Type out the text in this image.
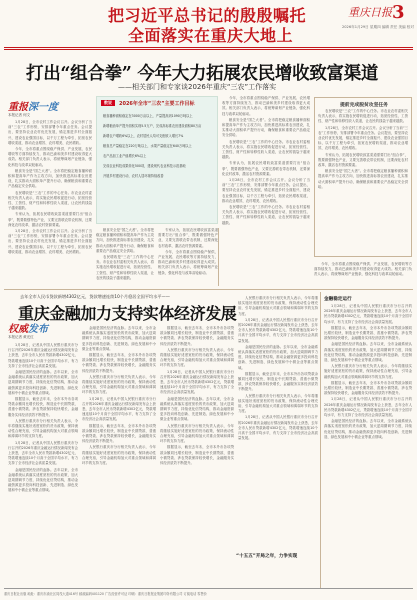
把习近平总书记的殷殷嘱托
全面落实在重庆大地上
重庆日报 3
2026年1月29日 星期四 编辑 责任 美编 校对
打出“组合拳” 今年大力拓展农民增收致富渠道
——相关部门和专家谈2026年重庆“三农”工作落实
重报深一度
本报记者 何文

1月28日，全市农村工作会议召开。会议分析了当前“三农”工作形势，安排部署今年重点任务。会议提出，要坚持农业农村优先发展，锚定推进乡村全面振兴、建设农业强国目标，以千万工程为牵引，拓宽农民增收渠道，推动农业增效、农村增美、农民增收。

今年，全市将重点围绕稳产保供、产业发展、农民增收等方面持续发力，推动巴渝和美乡村建设取得更大成效。相关部门负责人表示，将统筹谋划产业链条，强化科技与改革双轮驱动。

粮食安全是“国之大者”。全市将把稳定粮食播种面积和提高单产作为主攻方向，加快推进高标准农田建设，扎实推动大面积单产提升行动，确保粮食和重要农产品稳定安全供给。

农民增收是“三农”工作的中心任务。市农业农村委相关负责人表示，将实施农民增收促进行动，拓宽经营性、工资性、财产性和转移性收入渠道，让农民的钱袋子越来越鼓。

专家认为，拓展农民增收致富渠道需要打出“组合拳”，既要做强特色产业，又要完善联农带农机制，还要深化农村改革，激活农村资源要素。

1月28日，全市农村工作会议召开。会议分析了当前“三农”工作形势，安排部署今年重点任务。会议提出，要坚持农业农村优先发展，锚定推进乡村全面振兴、建设农业强国目标，以千万工程为牵引，拓宽农民增收渠道，推动农业增效、农村增美、农民增收。

数说	2026年全市“三农”主要工作目标
粮食播种面积稳定在3000万亩以上，产量提高到1090万吨以上
新增粮油单产提升面积实现5.5万户，完成高标准农田建设面积80万亩
新增农户增收6%以上，农村居民人均可支配收入增长7%
粮食总产量稳定在220万吨以上，水果产量稳定在640万吨以上
农产品加工业产值增长6%以上
完成农业科技成果转化500项，建设现代农业科技示范基地
开展乡村建设行动，农村人居环境持续改善

粮食安全是“国之大者”。全市将把稳定粮食播种面积和提高单产作为主攻方向，加快推进高标准农田建设，扎实推动大面积单产提升行动，确保粮食和重要农产品稳定安全供给。

农民增收是“三农”工作的中心任务。市农业农村委相关负责人表示，将实施农民增收促进行动，拓宽经营性、工资性、财产性和转移性收入渠道，让农民的钱袋子越来越鼓。

专家认为，拓展农民增收致富渠道需要打出“组合拳”，既要做强特色产业，又要完善联农带农机制，还要深化农村改革，激活农村资源要素。

今年，全市将重点围绕稳产保供、产业发展、农民增收等方面持续发力，推动巴渝和美乡村建设取得更大成效。相关部门负责人表示，将统筹谋划产业链条，强化科技与改革双轮驱动。

今年，全市将重点围绕稳产保供、产业发展、农民增收等方面持续发力，推动巴渝和美乡村建设取得更大成效。相关部门负责人表示，将统筹谋划产业链条，强化科技与改革双轮驱动。

粮食安全是“国之大者”。全市将把稳定粮食播种面积和提高单产作为主攻方向，加快推进高标准农田建设，扎实推动大面积单产提升行动，确保粮食和重要农产品稳定安全供给。

农民增收是“三农”工作的中心任务。市农业农村委相关负责人表示，将实施农民增收促进行动，拓宽经营性、工资性、财产性和转移性收入渠道，让农民的钱袋子越来越鼓。

专家认为，拓展农民增收致富渠道需要打出“组合拳”，既要做强特色产业，又要完善联农带农机制，还要深化农村改革，激活农村资源要素。

1月28日，全市农村工作会议召开。会议分析了当前“三农”工作形势，安排部署今年重点任务。会议提出，要坚持农业农村优先发展，锚定推进乡村全面振兴、建设农业强国目标，以千万工程为牵引，拓宽农民增收渠道，推动农业增效、农村增美、农民增收。

农民增收是“三农”工作的中心任务。市农业农村委相关负责人表示，将实施农民增收促进行动，拓宽经营性、工资性、财产性和转移性收入渠道，让农民的钱袋子越来越鼓。

提前完成脱贫攻坚任务

农民增收是“三农”工作的中心任务。市农业农村委相关负责人表示，将实施农民增收促进行动，拓宽经营性、工资性、财产性和转移性收入渠道，让农民的钱袋子越来越鼓。

1月28日，全市农村工作会议召开。会议分析了当前“三农”工作形势，安排部署今年重点任务。会议提出，要坚持农业农村优先发展，锚定推进乡村全面振兴、建设农业强国目标，以千万工程为牵引，拓宽农民增收渠道，推动农业增效、农村增美、农民增收。

专家认为，拓展农民增收致富渠道需要打出“组合拳”，既要做强特色产业，又要完善联农带农机制，还要深化农村改革，激活农村资源要素。

粮食安全是“国之大者”。全市将把稳定粮食播种面积和提高单产作为主攻方向，加快推进高标准农田建设，扎实推动大面积单产提升行动，确保粮食和重要农产品稳定安全供给。

今年，全市将重点围绕稳产保供、产业发展、农民增收等方面持续发力，推动巴渝和美乡村建设取得更大成效。相关部门负责人表示，将统筹谋划产业链条，强化科技与改革双轮驱动。

去年全市人民币贷款新增4302亿元，贷款增速连续10个月稳居全国平均水平——
重庆金融加力支持实体经济发展
权威发布
本报记者 黄光红

1月28日，记者从中国人民银行重庆市分行召开的2026年重庆金融运行情况新闻发布会上获悉，去年全市人民币贷款新增4302亿元，贷款增速连续10个月高于全国平均水平，有力支持了全市经济社会高质量发展。

金融是国民经济的血脉。去年以来，全市金融系统认真落实适度宽松的货币政策，加大逆周期调节力度，持续优化信贷结构，推动金融资源更多投向科技创新、先进制造、绿色发展和中小微企业等重点领域。

数据显示，截至去年末，全市本外币各项贷款余额同比增长较快，制造业中长期贷款、普惠小微贷款、涉农贷款保持较快增长，金融服务实体经济质效不断提升。

人民银行重庆市分行相关负责人表示，今年将继续实施好适度宽松的货币政策，保持流动性合理充裕，引导金融机构加大对重点领域和薄弱环节的支持力度。

1月28日，记者从中国人民银行重庆市分行召开的2026年重庆金融运行情况新闻发布会上获悉，去年全市人民币贷款新增4302亿元，贷款增速连续10个月高于全国平均水平，有力支持了全市经济社会高质量发展。

金融是国民经济的血脉。去年以来，全市金融系统认真落实适度宽松的货币政策，加大逆周期调节力度，持续优化信贷结构，推动金融资源更多投向科技创新、先进制造、绿色发展和中小微企业等重点领域。

金融是国民经济的血脉。去年以来，全市金融系统认真落实适度宽松的货币政策，加大逆周期调节力度，持续优化信贷结构，推动金融资源更多投向科技创新、先进制造、绿色发展和中小微企业等重点领域。

数据显示，截至去年末，全市本外币各项贷款余额同比增长较快，制造业中长期贷款、普惠小微贷款、涉农贷款保持较快增长，金融服务实体经济质效不断提升。

人民银行重庆市分行相关负责人表示，今年将继续实施好适度宽松的货币政策，保持流动性合理充裕，引导金融机构加大对重点领域和薄弱环节的支持力度。

1月28日，记者从中国人民银行重庆市分行召开的2026年重庆金融运行情况新闻发布会上获悉，去年全市人民币贷款新增4302亿元，贷款增速连续10个月高于全国平均水平，有力支持了全市经济社会高质量发展。

数据显示，截至去年末，全市本外币各项贷款余额同比增长较快，制造业中长期贷款、普惠小微贷款、涉农贷款保持较快增长，金融服务实体经济质效不断提升。

人民银行重庆市分行相关负责人表示，今年将继续实施好适度宽松的货币政策，保持流动性合理充裕，引导金融机构加大对重点领域和薄弱环节的支持力度。

数据显示，截至去年末，全市本外币各项贷款余额同比增长较快，制造业中长期贷款、普惠小微贷款、涉农贷款保持较快增长，金融服务实体经济质效不断提升。

人民银行重庆市分行相关负责人表示，今年将继续实施好适度宽松的货币政策，保持流动性合理充裕，引导金融机构加大对重点领域和薄弱环节的支持力度。

1月28日，记者从中国人民银行重庆市分行召开的2026年重庆金融运行情况新闻发布会上获悉，去年全市人民币贷款新增4302亿元，贷款增速连续10个月高于全国平均水平，有力支持了全市经济社会高质量发展。

金融是国民经济的血脉。去年以来，全市金融系统认真落实适度宽松的货币政策，加大逆周期调节力度，持续优化信贷结构，推动金融资源更多投向科技创新、先进制造、绿色发展和中小微企业等重点领域。

人民银行重庆市分行相关负责人表示，今年将继续实施好适度宽松的货币政策，保持流动性合理充裕，引导金融机构加大对重点领域和薄弱环节的支持力度。

数据显示，截至去年末，全市本外币各项贷款余额同比增长较快，制造业中长期贷款、普惠小微贷款、涉农贷款保持较快增长，金融服务实体经济质效不断提升。

“十五五”开局之年，力争实现

人民银行重庆市分行相关负责人表示，今年将继续实施好适度宽松的货币政策，保持流动性合理充裕，引导金融机构加大对重点领域和薄弱环节的支持力度。

1月28日，记者从中国人民银行重庆市分行召开的2026年重庆金融运行情况新闻发布会上获悉，去年全市人民币贷款新增4302亿元，贷款增速连续10个月高于全国平均水平，有力支持了全市经济社会高质量发展。

金融是国民经济的血脉。去年以来，全市金融系统认真落实适度宽松的货币政策，加大逆周期调节力度，持续优化信贷结构，推动金融资源更多投向科技创新、先进制造、绿色发展和中小微企业等重点领域。

数据显示，截至去年末，全市本外币各项贷款余额同比增长较快，制造业中长期贷款、普惠小微贷款、涉农贷款保持较快增长，金融服务实体经济质效不断提升。

人民银行重庆市分行相关负责人表示，今年将继续实施好适度宽松的货币政策，保持流动性合理充裕，引导金融机构加大对重点领域和薄弱环节的支持力度。

1月28日，记者从中国人民银行重庆市分行召开的2026年重庆金融运行情况新闻发布会上获悉，去年全市人民币贷款新增4302亿元，贷款增速连续10个月高于全国平均水平，有力支持了全市经济社会高质量发展。

金融稳定运行

1月28日，记者从中国人民银行重庆市分行召开的2026年重庆金融运行情况新闻发布会上获悉，去年全市人民币贷款新增4302亿元，贷款增速连续10个月高于全国平均水平，有力支持了全市经济社会高质量发展。

数据显示，截至去年末，全市本外币各项贷款余额同比增长较快，制造业中长期贷款、普惠小微贷款、涉农贷款保持较快增长，金融服务实体经济质效不断提升。

金融是国民经济的血脉。去年以来，全市金融系统认真落实适度宽松的货币政策，加大逆周期调节力度，持续优化信贷结构，推动金融资源更多投向科技创新、先进制造、绿色发展和中小微企业等重点领域。

人民银行重庆市分行相关负责人表示，今年将继续实施好适度宽松的货币政策，保持流动性合理充裕，引导金融机构加大对重点领域和薄弱环节的支持力度。

数据显示，截至去年末，全市本外币各项贷款余额同比增长较快，制造业中长期贷款、普惠小微贷款、涉农贷款保持较快增长，金融服务实体经济质效不断提升。

1月28日，记者从中国人民银行重庆市分行召开的2026年重庆金融运行情况新闻发布会上获悉，去年全市人民币贷款新增4302亿元，贷款增速连续10个月高于全国平均水平，有力支持了全市经济社会高质量发展。

金融是国民经济的血脉。去年以来，全市金融系统认真落实适度宽松的货币政策，加大逆周期调节力度，持续优化信贷结构，推动金融资源更多投向科技创新、先进制造、绿色发展和中小微企业等重点领域。

重庆日报社出版 地址：重庆市渝北区同茂大道416号 邮政编码401120 广告经营许可证 印刷：重庆日报报业集团印务有限公司 订阅电话 零售价
